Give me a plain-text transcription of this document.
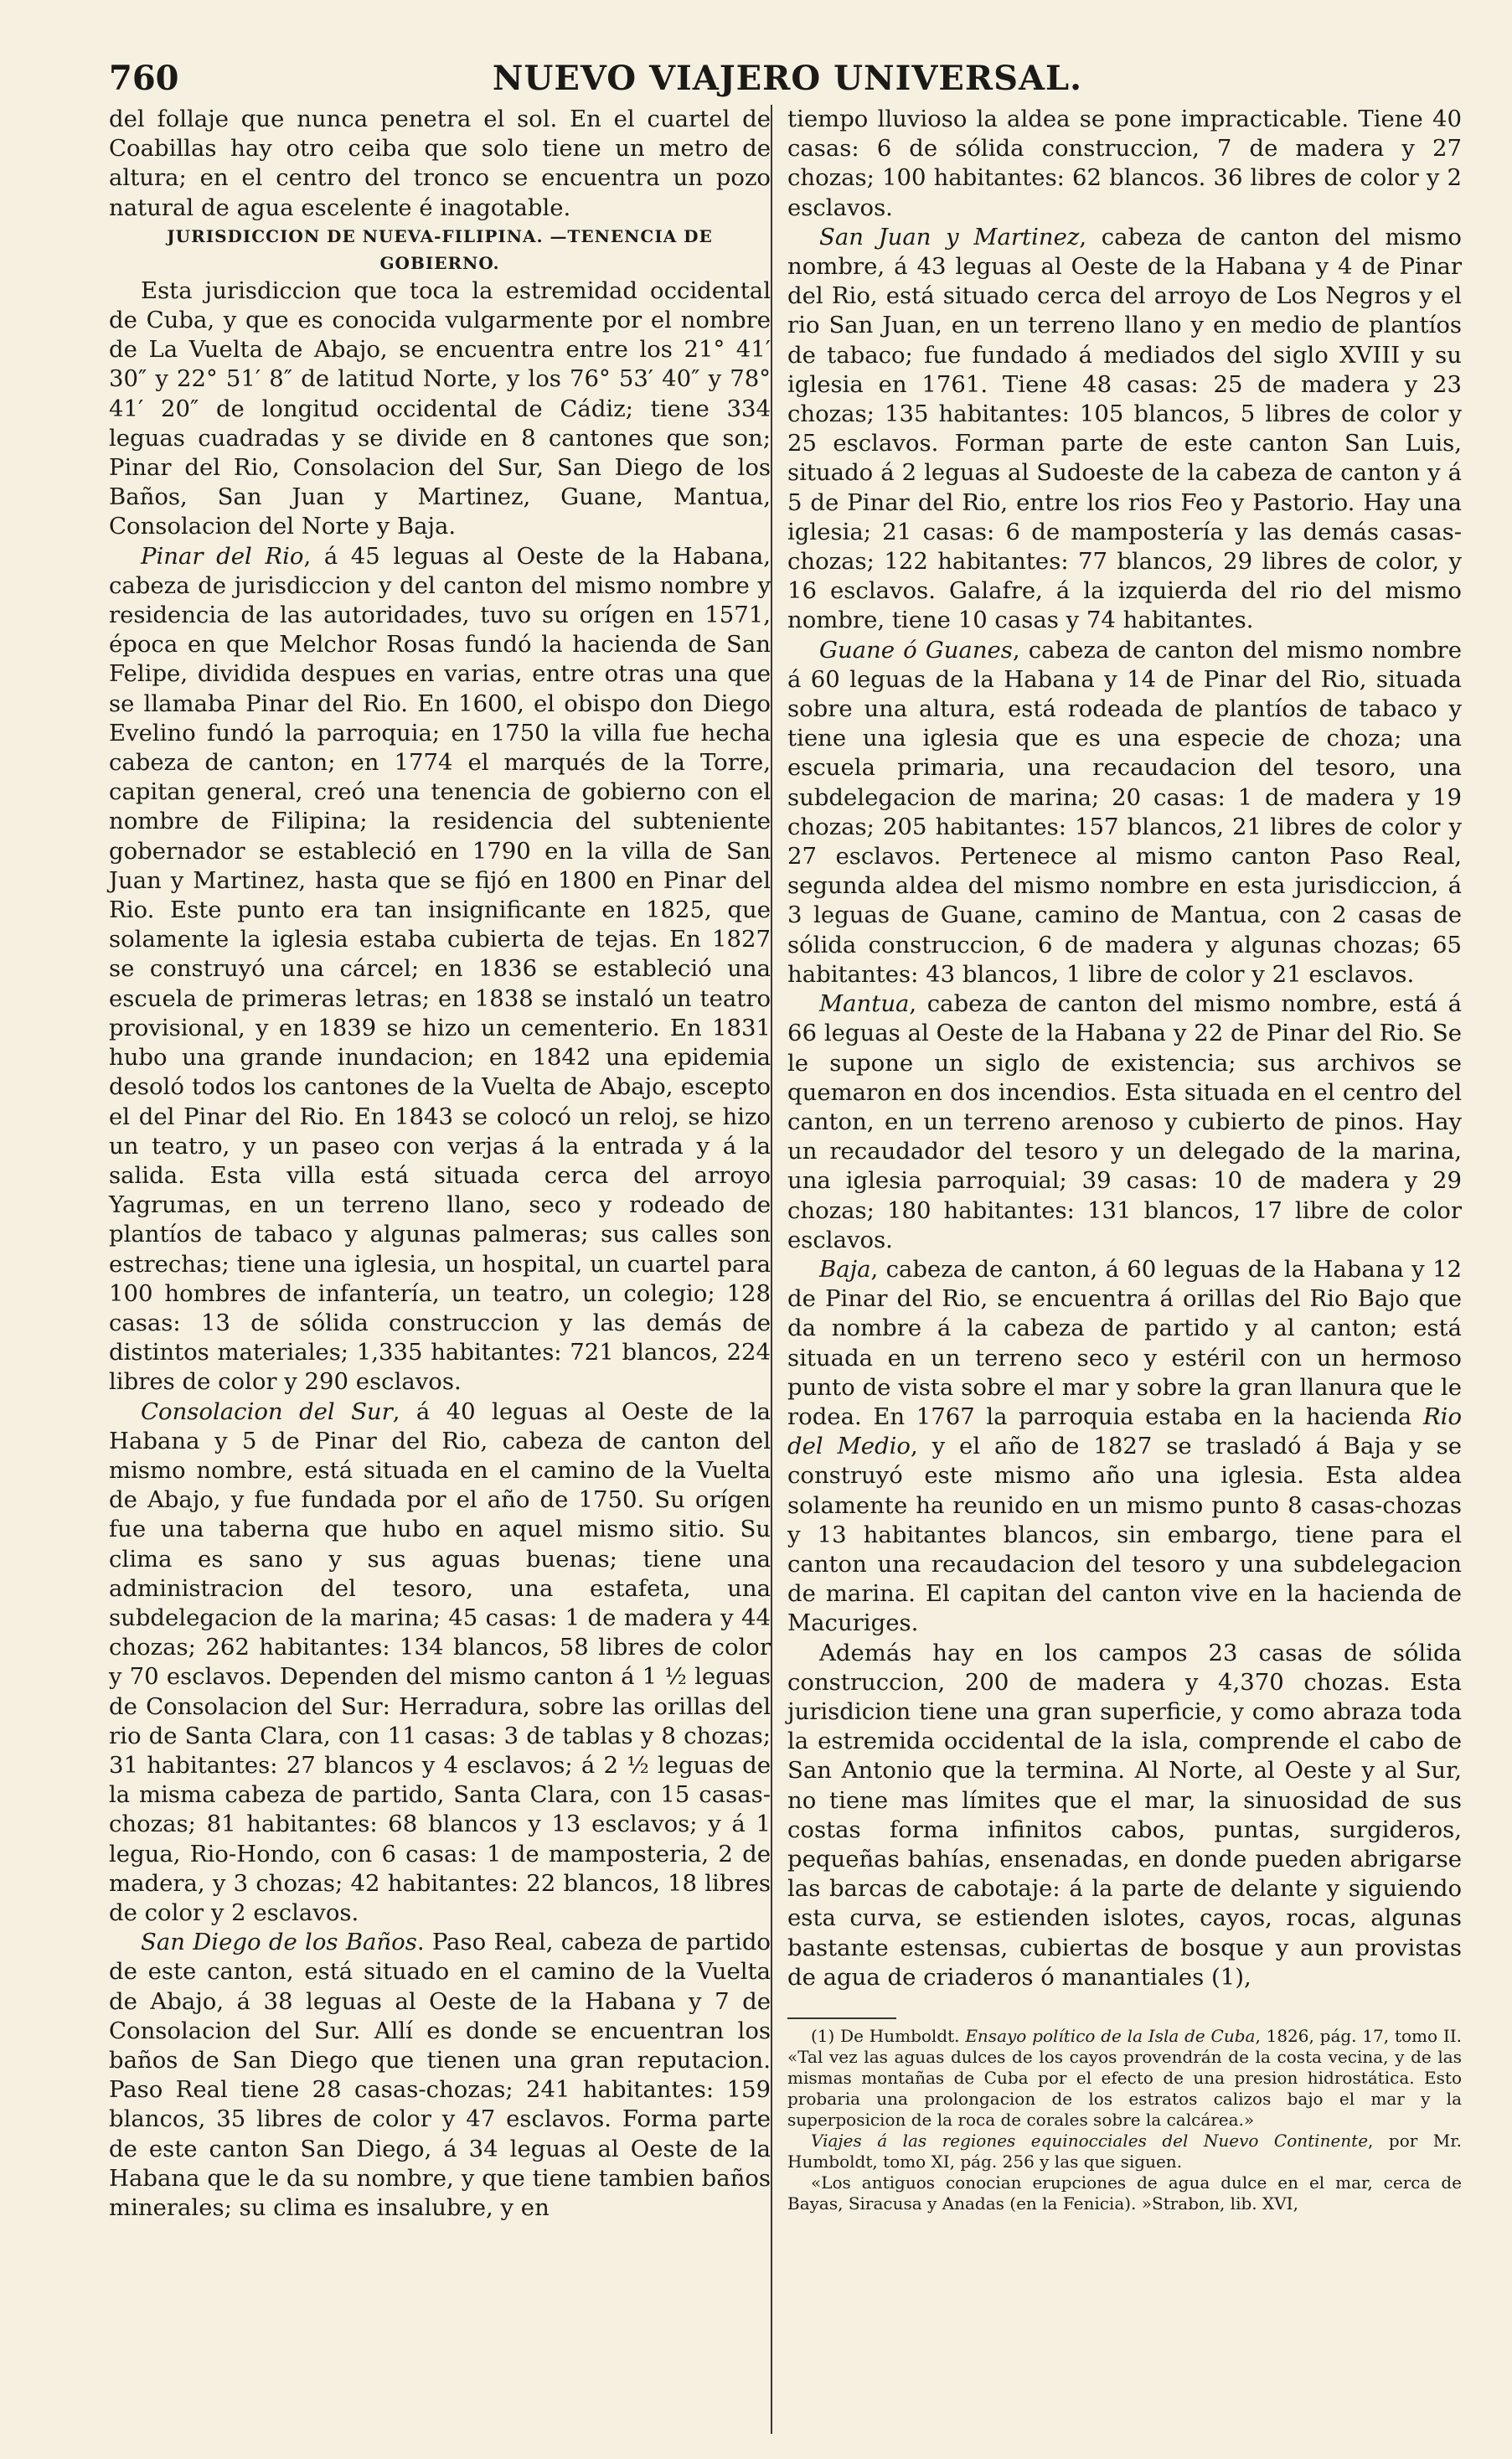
760	NUEVO VIAJERO UNIVERSAL.

del follaje que nunca penetra el sol. En el cuartel de Coabillas hay otro ceiba que solo tiene un metro de altura; en el centro del tronco se encuentra un pozo natural de agua escelente é inagotable.

JURISDICCION DE NUEVA-FILIPINA. —TENENCIA DE GOBIERNO.

Esta jurisdiccion que toca la estremidad occidental de Cuba, y que es conocida vulgarmente por el nombre de La Vuelta de Abajo, se encuentra entre los 21° 41′ 30″ y 22° 51′ 8″ de latitud Norte, y los 76° 53′ 40″ y 78° 41′ 20″ de longitud occidental de Cádiz; tiene 334 leguas cuadradas y se divide en 8 cantones que son; Pinar del Rio, Consolacion del Sur, San Diego de los Baños, San Juan y Martinez, Guane, Mantua, Consolacion del Norte y Baja.

Pinar del Rio, á 45 leguas al Oeste de la Habana, cabeza de jurisdiccion y del canton del mismo nombre y residencia de las autoridades, tuvo su orígen en 1571, época en que Melchor Rosas fundó la hacienda de San Felipe, dividida despues en varias, entre otras una que se llamaba Pinar del Rio. En 1600, el obispo don Diego Evelino fundó la parroquia; en 1750 la villa fue hecha cabeza de canton; en 1774 el marqués de la Torre, capitan general, creó una tenencia de gobierno con el nombre de Filipina; la residencia del subteniente gobernador se estableció en 1790 en la villa de San Juan y Martinez, hasta que se fijó en 1800 en Pinar del Rio. Este punto era tan insignificante en 1825, que solamente la iglesia estaba cubierta de tejas. En 1827 se construyó una cárcel; en 1836 se estableció una escuela de primeras letras; en 1838 se instaló un teatro provisional, y en 1839 se hizo un cementerio. En 1831 hubo una grande inundacion; en 1842 una epidemia desoló todos los cantones de la Vuelta de Abajo, escepto el del Pinar del Rio. En 1843 se colocó un reloj, se hizo un teatro, y un paseo con verjas á la entrada y á la salida. Esta villa está situada cerca del arroyo Yagrumas, en un terreno llano, seco y rodeado de plantíos de tabaco y algunas palmeras; sus calles son estrechas; tiene una iglesia, un hospital, un cuartel para 100 hombres de infantería, un teatro, un colegio; 128 casas: 13 de sólida construccion y las demás de distintos materiales; 1,335 habitantes: 721 blancos, 224 libres de color y 290 esclavos.

Consolacion del Sur, á 40 leguas al Oeste de la Habana y 5 de Pinar del Rio, cabeza de canton del mismo nombre, está situada en el camino de la Vuelta de Abajo, y fue fundada por el año de 1750. Su orígen fue una taberna que hubo en aquel mismo sitio. Su clima es sano y sus aguas buenas; tiene una administracion del tesoro, una estafeta, una subdelegacion de la marina; 45 casas: 1 de madera y 44 chozas; 262 habitantes: 134 blancos, 58 libres de color y 70 esclavos. Dependen del mismo canton á 1 ½ leguas de Consolacion del Sur: Herradura, sobre las orillas del rio de Santa Clara, con 11 casas: 3 de tablas y 8 chozas; 31 habitantes: 27 blancos y 4 esclavos; á 2 ½ leguas de la misma cabeza de partido, Santa Clara, con 15 casas-chozas; 81 habitantes: 68 blancos y 13 esclavos; y á 1 legua, Rio-Hondo, con 6 casas: 1 de mamposteria, 2 de madera, y 3 chozas; 42 habitantes: 22 blancos, 18 libres de color y 2 esclavos.

San Diego de los Baños. Paso Real, cabeza de partido de este canton, está situado en el camino de la Vuelta de Abajo, á 38 leguas al Oeste de la Habana y 7 de Consolacion del Sur. Allí es donde se encuentran los baños de San Diego que tienen una gran reputacion. Paso Real tiene 28 casas-chozas; 241 habitantes: 159 blancos, 35 libres de color y 47 esclavos. Forma parte de este canton San Diego, á 34 leguas al Oeste de la Habana que le da su nombre, y que tiene tambien baños minerales; su clima es insalubre, y en

tiempo lluvioso la aldea se pone impracticable. Tiene 40 casas: 6 de sólida construccion, 7 de madera y 27 chozas; 100 habitantes: 62 blancos. 36 libres de color y 2 esclavos.

San Juan y Martinez, cabeza de canton del mismo nombre, á 43 leguas al Oeste de la Habana y 4 de Pinar del Rio, está situado cerca del arroyo de Los Negros y el rio San Juan, en un terreno llano y en medio de plantíos de tabaco; fue fundado á mediados del siglo XVIII y su iglesia en 1761. Tiene 48 casas: 25 de madera y 23 chozas; 135 habitantes: 105 blancos, 5 libres de color y 25 esclavos. Forman parte de este canton San Luis, situado á 2 leguas al Sudoeste de la cabeza de canton y á 5 de Pinar del Rio, entre los rios Feo y Pastorio. Hay una iglesia; 21 casas: 6 de mampostería y las demás casas-chozas; 122 habitantes: 77 blancos, 29 libres de color, y 16 esclavos. Galafre, á la izquierda del rio del mismo nombre, tiene 10 casas y 74 habitantes.

Guane ó Guanes, cabeza de canton del mismo nombre á 60 leguas de la Habana y 14 de Pinar del Rio, situada sobre una altura, está rodeada de plantíos de tabaco y tiene una iglesia que es una especie de choza; una escuela primaria, una recaudacion del tesoro, una subdelegacion de marina; 20 casas: 1 de madera y 19 chozas; 205 habitantes: 157 blancos, 21 libres de color y 27 esclavos. Pertenece al mismo canton Paso Real, segunda aldea del mismo nombre en esta jurisdiccion, á 3 leguas de Guane, camino de Mantua, con 2 casas de sólida construccion, 6 de madera y algunas chozas; 65 habitantes: 43 blancos, 1 libre de color y 21 esclavos.

Mantua, cabeza de canton del mismo nombre, está á 66 leguas al Oeste de la Habana y 22 de Pinar del Rio. Se le supone un siglo de existencia; sus archivos se quemaron en dos incendios. Esta situada en el centro del canton, en un terreno arenoso y cubierto de pinos. Hay un recaudador del tesoro y un delegado de la marina, una iglesia parroquial; 39 casas: 10 de madera y 29 chozas; 180 habitantes: 131 blancos, 17 libre de color esclavos.

Baja, cabeza de canton, á 60 leguas de la Habana y 12 de Pinar del Rio, se encuentra á orillas del Rio Bajo que da nombre á la cabeza de partido y al canton; está situada en un terreno seco y estéril con un hermoso punto de vista sobre el mar y sobre la gran llanura que le rodea. En 1767 la parroquia estaba en la hacienda Rio del Medio, y el año de 1827 se trasladó á Baja y se construyó este mismo año una iglesia. Esta aldea solamente ha reunido en un mismo punto 8 casas-chozas y 13 habitantes blancos, sin embargo, tiene para el canton una recaudacion del tesoro y una subdelegacion de marina. El capitan del canton vive en la hacienda de Macuriges.

Además hay en los campos 23 casas de sólida construccion, 200 de madera y 4,370 chozas. Esta jurisdicion tiene una gran superficie, y como abraza toda la estremida occidental de la isla, comprende el cabo de San Antonio que la termina. Al Norte, al Oeste y al Sur, no tiene mas límites que el mar, la sinuosidad de sus costas forma infinitos cabos, puntas, surgideros, pequeñas bahías, ensenadas, en donde pueden abrigarse las barcas de cabotaje: á la parte de delante y siguiendo esta curva, se estienden islotes, cayos, rocas, algunas bastante estensas, cubiertas de bosque y aun provistas de agua de criaderos ó manantiales (1),

(1) De Humboldt. Ensayo político de la Isla de Cuba, 1826, pág. 17, tomo II. «Tal vez las aguas dulces de los cayos provendrán de la costa vecina, y de las mismas montañas de Cuba por el efecto de una presion hidrostática. Esto probaria una prolongacion de los estratos calizos bajo el mar y la superposicion de la roca de corales sobre la calcárea.»

Viajes á las regiones equinocciales del Nuevo Continente, por Mr. Humboldt, tomo XI, pág. 256 y las que siguen.

«Los antiguos conocian erupciones de agua dulce en el mar, cerca de Bayas, Siracusa y Anadas (en la Fenicia). »Strabon, lib. XVI,
